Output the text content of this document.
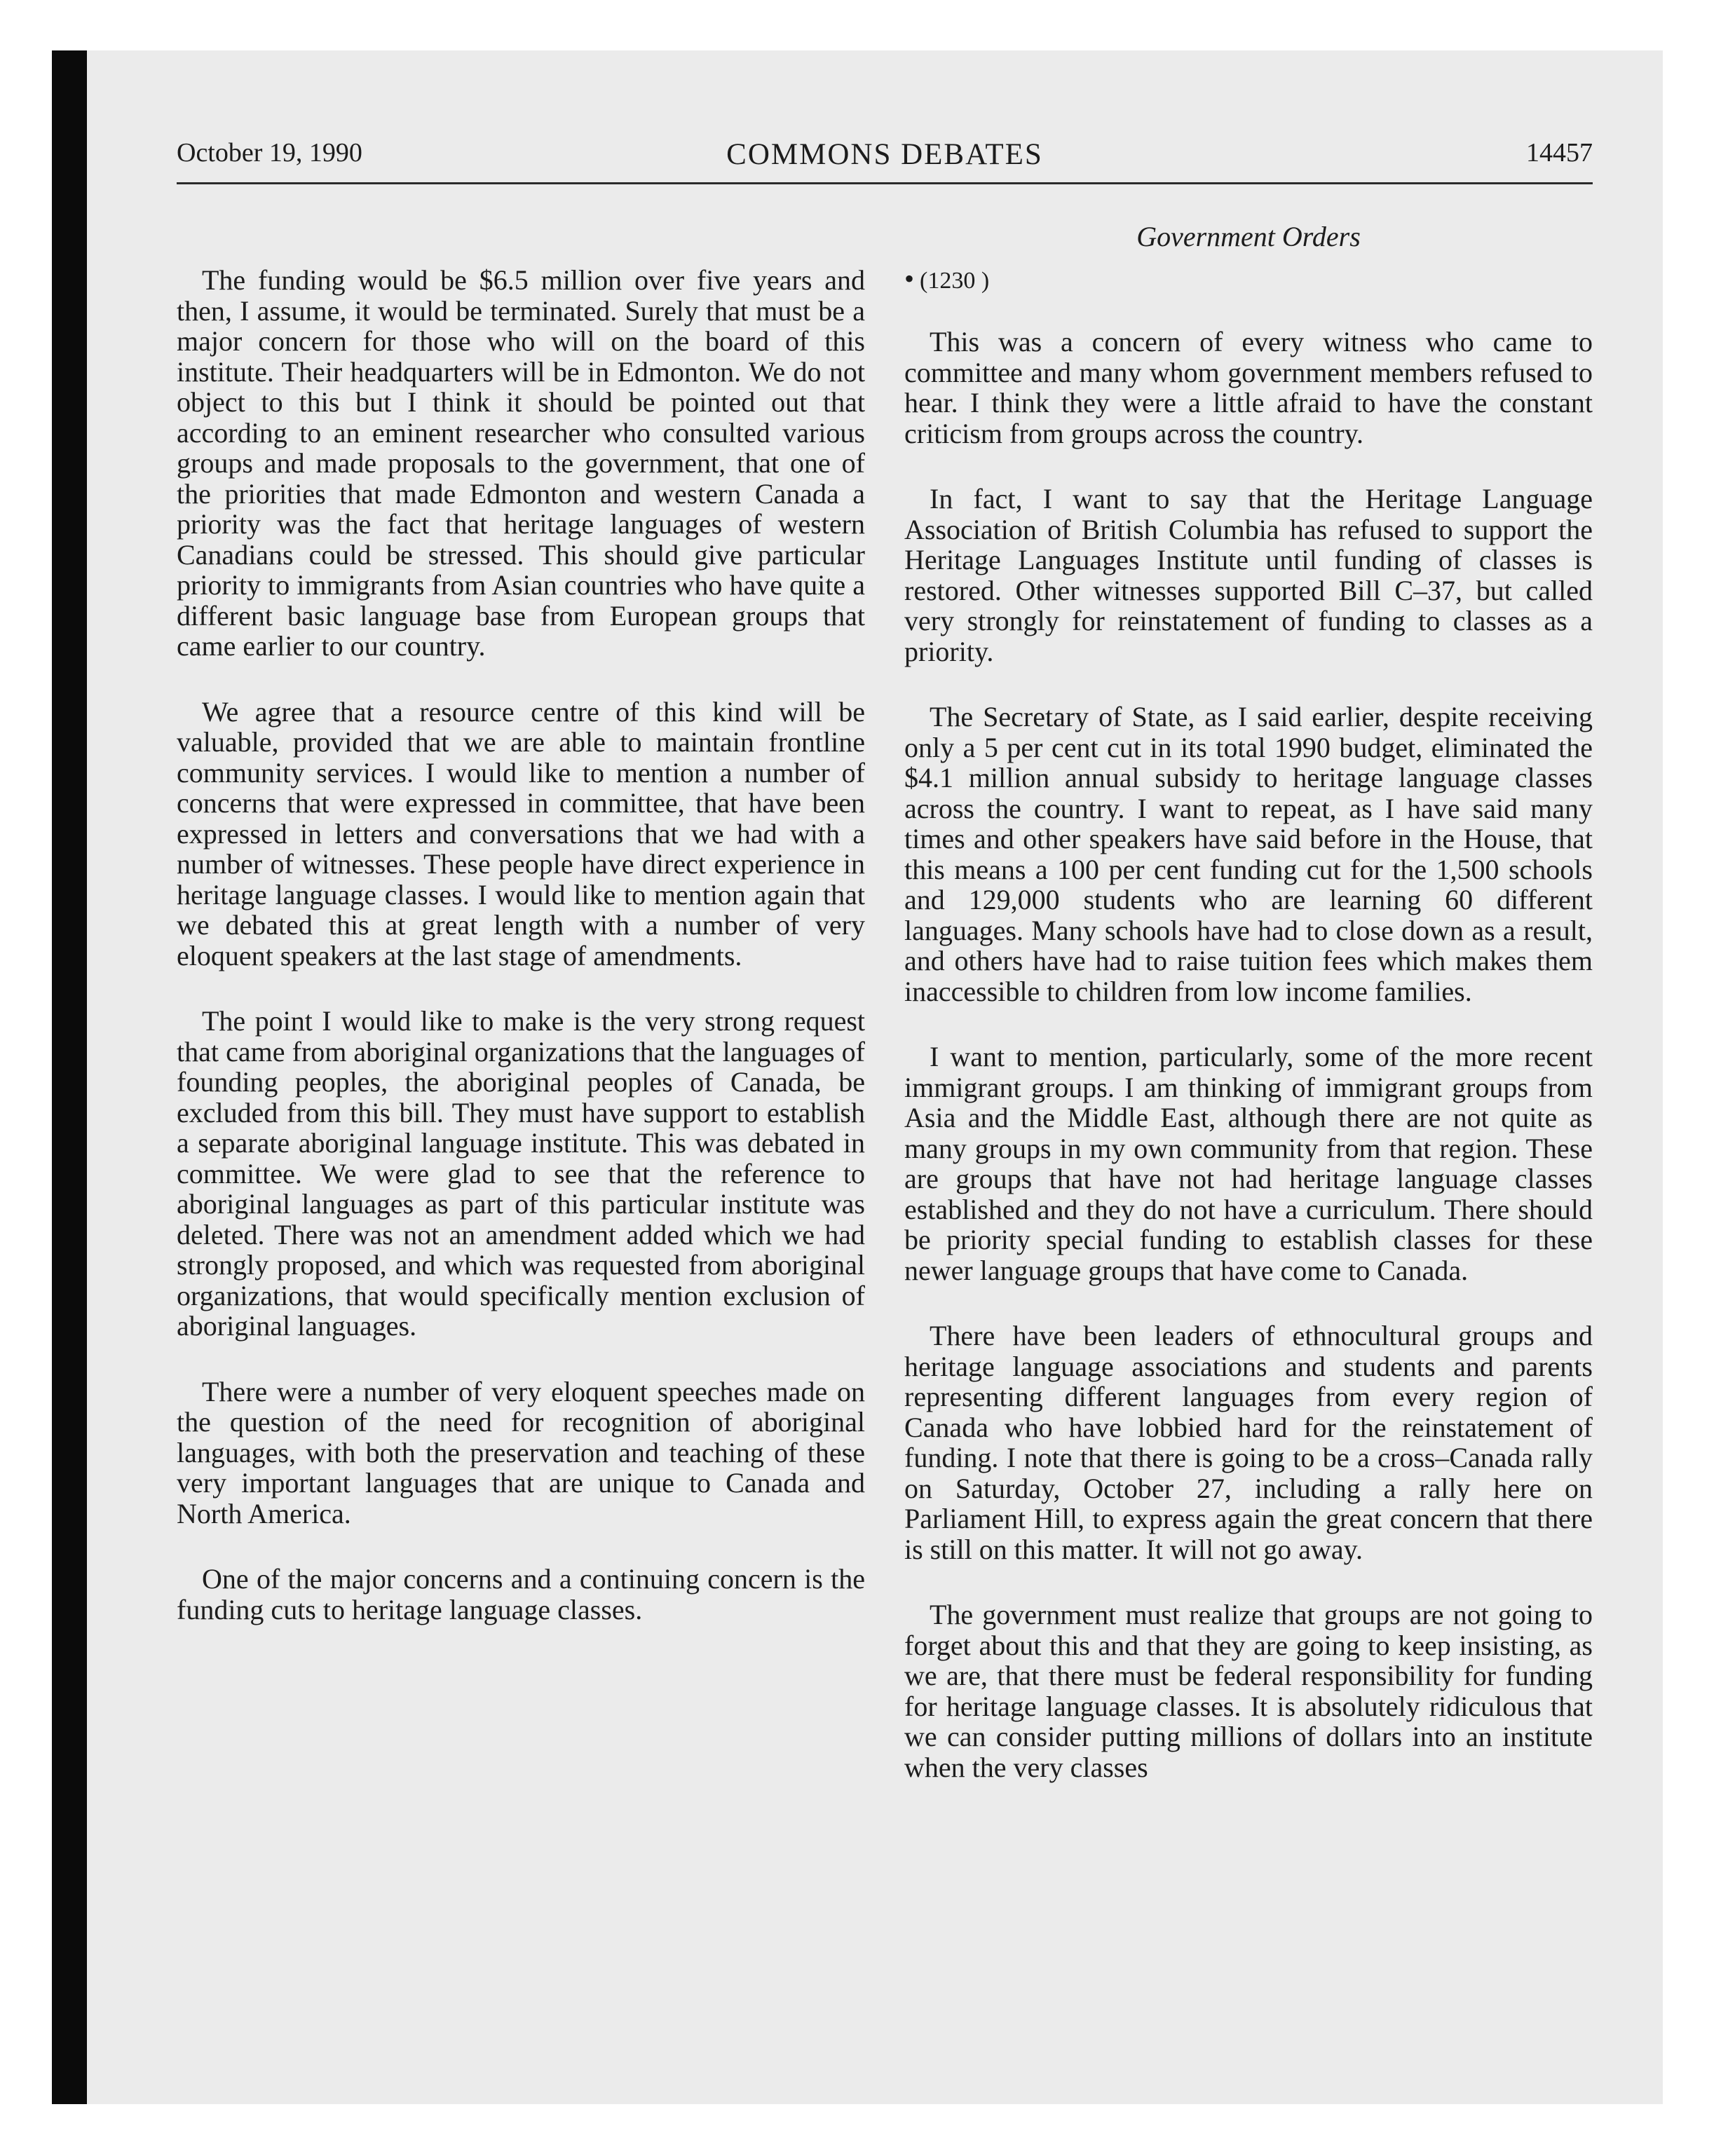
October 19, 1990	COMMONS DEBATES	14457
Government Orders

The funding would be $6.5 million over five years and then, I assume, it would be terminated. Surely that must be a major concern for those who will on the board of this institute. Their headquarters will be in Edmonton. We do not object to this but I think it should be pointed out that according to an eminent researcher who consulted various groups and made proposals to the government, that one of the priorities that made Edmonton and western Canada a priority was the fact that heritage languages of western Canadians could be stressed. This should give particular priority to immigrants from Asian countries who have quite a different basic language base from European groups that came earlier to our country.

We agree that a resource centre of this kind will be valuable, provided that we are able to maintain frontline community services. I would like to mention a number of concerns that were expressed in committee, that have been expressed in letters and conversations that we had with a number of witnesses. These people have direct experience in heritage language classes. I would like to mention again that we debated this at great length with a number of very eloquent speakers at the last stage of amendments.

The point I would like to make is the very strong request that came from aboriginal organizations that the languages of founding peoples, the aboriginal peoples of Canada, be excluded from this bill. They must have support to establish a separate aboriginal language institute. This was debated in committee. We were glad to see that the reference to aboriginal languages as part of this particular institute was deleted. There was not an amendment added which we had strongly proposed, and which was requested from aboriginal organizations, that would specifically mention exclusion of aboriginal languages.

There were a number of very eloquent speeches made on the question of the need for recognition of aboriginal languages, with both the preservation and teaching of these very important languages that are unique to Canada and North America.

One of the major concerns and a continuing concern is the funding cuts to heritage language classes.

• (1230 )

This was a concern of every witness who came to committee and many whom government members refused to hear. I think they were a little afraid to have the constant criticism from groups across the country.

In fact, I want to say that the Heritage Language Association of British Columbia has refused to support the Heritage Languages Institute until funding of classes is restored. Other witnesses supported Bill C–37, but called very strongly for reinstatement of funding to classes as a priority.

The Secretary of State, as I said earlier, despite receiving only a 5 per cent cut in its total 1990 budget, eliminated the $4.1 million annual subsidy to heritage language classes across the country. I want to repeat, as I have said many times and other speakers have said before in the House, that this means a 100 per cent funding cut for the 1,500 schools and 129,000 students who are learning 60 different languages. Many schools have had to close down as a result, and others have had to raise tuition fees which makes them inaccessible to children from low income families.

I want to mention, particularly, some of the more recent immigrant groups. I am thinking of immigrant groups from Asia and the Middle East, although there are not quite as many groups in my own community from that region. These are groups that have not had heritage language classes established and they do not have a curriculum. There should be priority special funding to establish classes for these newer language groups that have come to Canada.

There have been leaders of ethnocultural groups and heritage language associations and students and parents representing different languages from every region of Canada who have lobbied hard for the reinstatement of funding. I note that there is going to be a cross–Canada rally on Saturday, October 27, including a rally here on Parliament Hill, to express again the great concern that there is still on this matter. It will not go away.

The government must realize that groups are not going to forget about this and that they are going to keep insisting, as we are, that there must be federal responsibility for funding for heritage language classes. It is absolutely ridiculous that we can consider putting millions of dollars into an institute when the very classes
